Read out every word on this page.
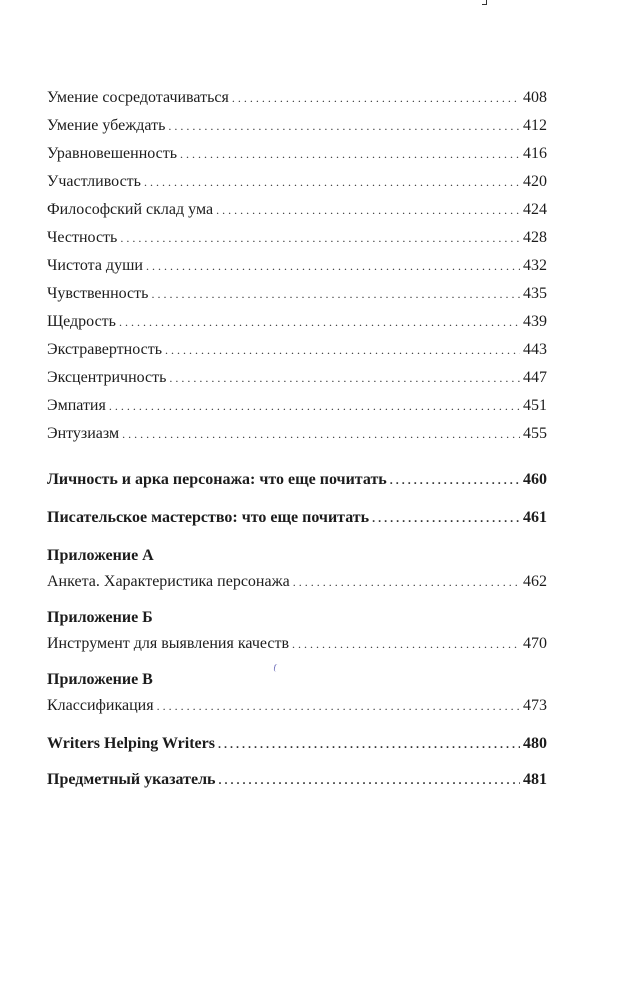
Умение сосредотачиваться . . .	408
Умение убеждать . . .	412
Уравновешенность . . .	416
Участливость . . .	420
Философский склад ума . . .	424
Честность . . .	428
Чистота души . . .	432
Чувственность . . .	435
Щедрость . . .	439
Экстравертность . . .	443
Эксцентричность . . .	447
Эмпатия . . .	451
Энтузиазм . . .	455
Личность и арка персонажа: что еще почитать . . .	460
Писательское мастерство: что еще почитать . . .	461
Приложение А
Анкета. Характеристика персонажа . . .	462
Приложение Б
Инструмент для выявления качеств . . .	470
Приложение В
Классификация . . .	473
Writers Helping Writers . . .	480
Предметный указатель . . .	481
